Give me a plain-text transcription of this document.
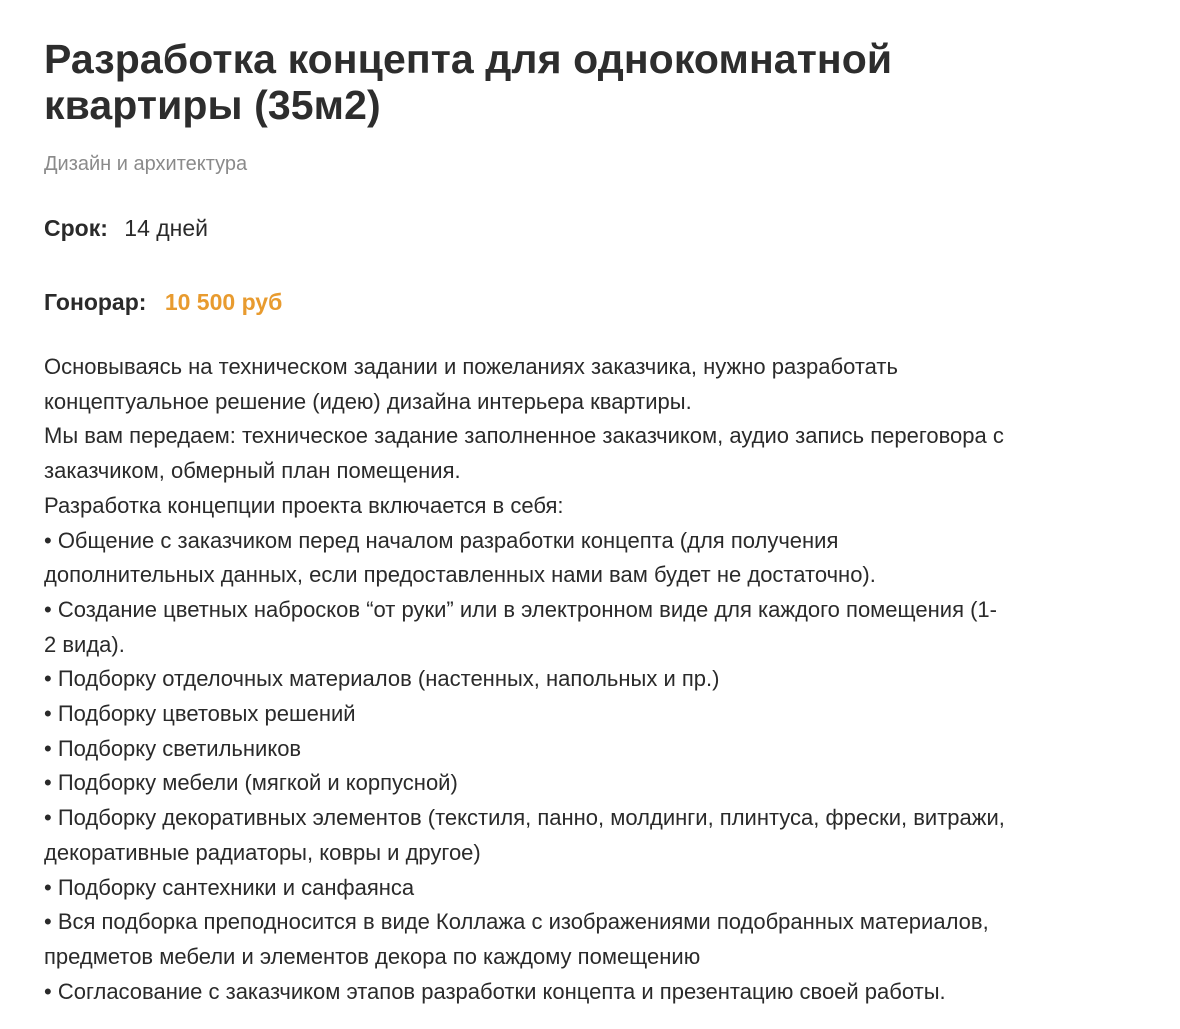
Разработка концепта для однокомнатной
квартиры (35м2)
Дизайн и архитектура
Срок: 14 дней
Гонорар: 10 500 руб
Основываясь на техническом задании и пожеланиях заказчика, нужно разработать
концептуальное решение (идею) дизайна интерьера квартиры.
Мы вам передаем: техническое задание заполненное заказчиком, аудио запись переговора с
заказчиком, обмерный план помещения.
Разработка концепции проекта включается в себя:
• Общение с заказчиком перед началом разработки концепта (для получения
дополнительных данных, если предоставленных нами вам будет не достаточно).
• Создание цветных набросков “от руки” или в электронном виде для каждого помещения (1-
2 вида).
• Подборку отделочных материалов (настенных, напольных и пр.)
• Подборку цветовых решений
• Подборку светильников
• Подборку мебели (мягкой и корпусной)
• Подборку декоративных элементов (текстиля, панно, молдинги, плинтуса, фрески, витражи,
декоративные радиаторы, ковры и другое)
• Подборку сантехники и санфаянса
• Вся подборка преподносится в виде Коллажа с изображениями подобранных материалов,
предметов мебели и элементов декора по каждому помещению
• Согласование с заказчиком этапов разработки концепта и презентацию своей работы.
